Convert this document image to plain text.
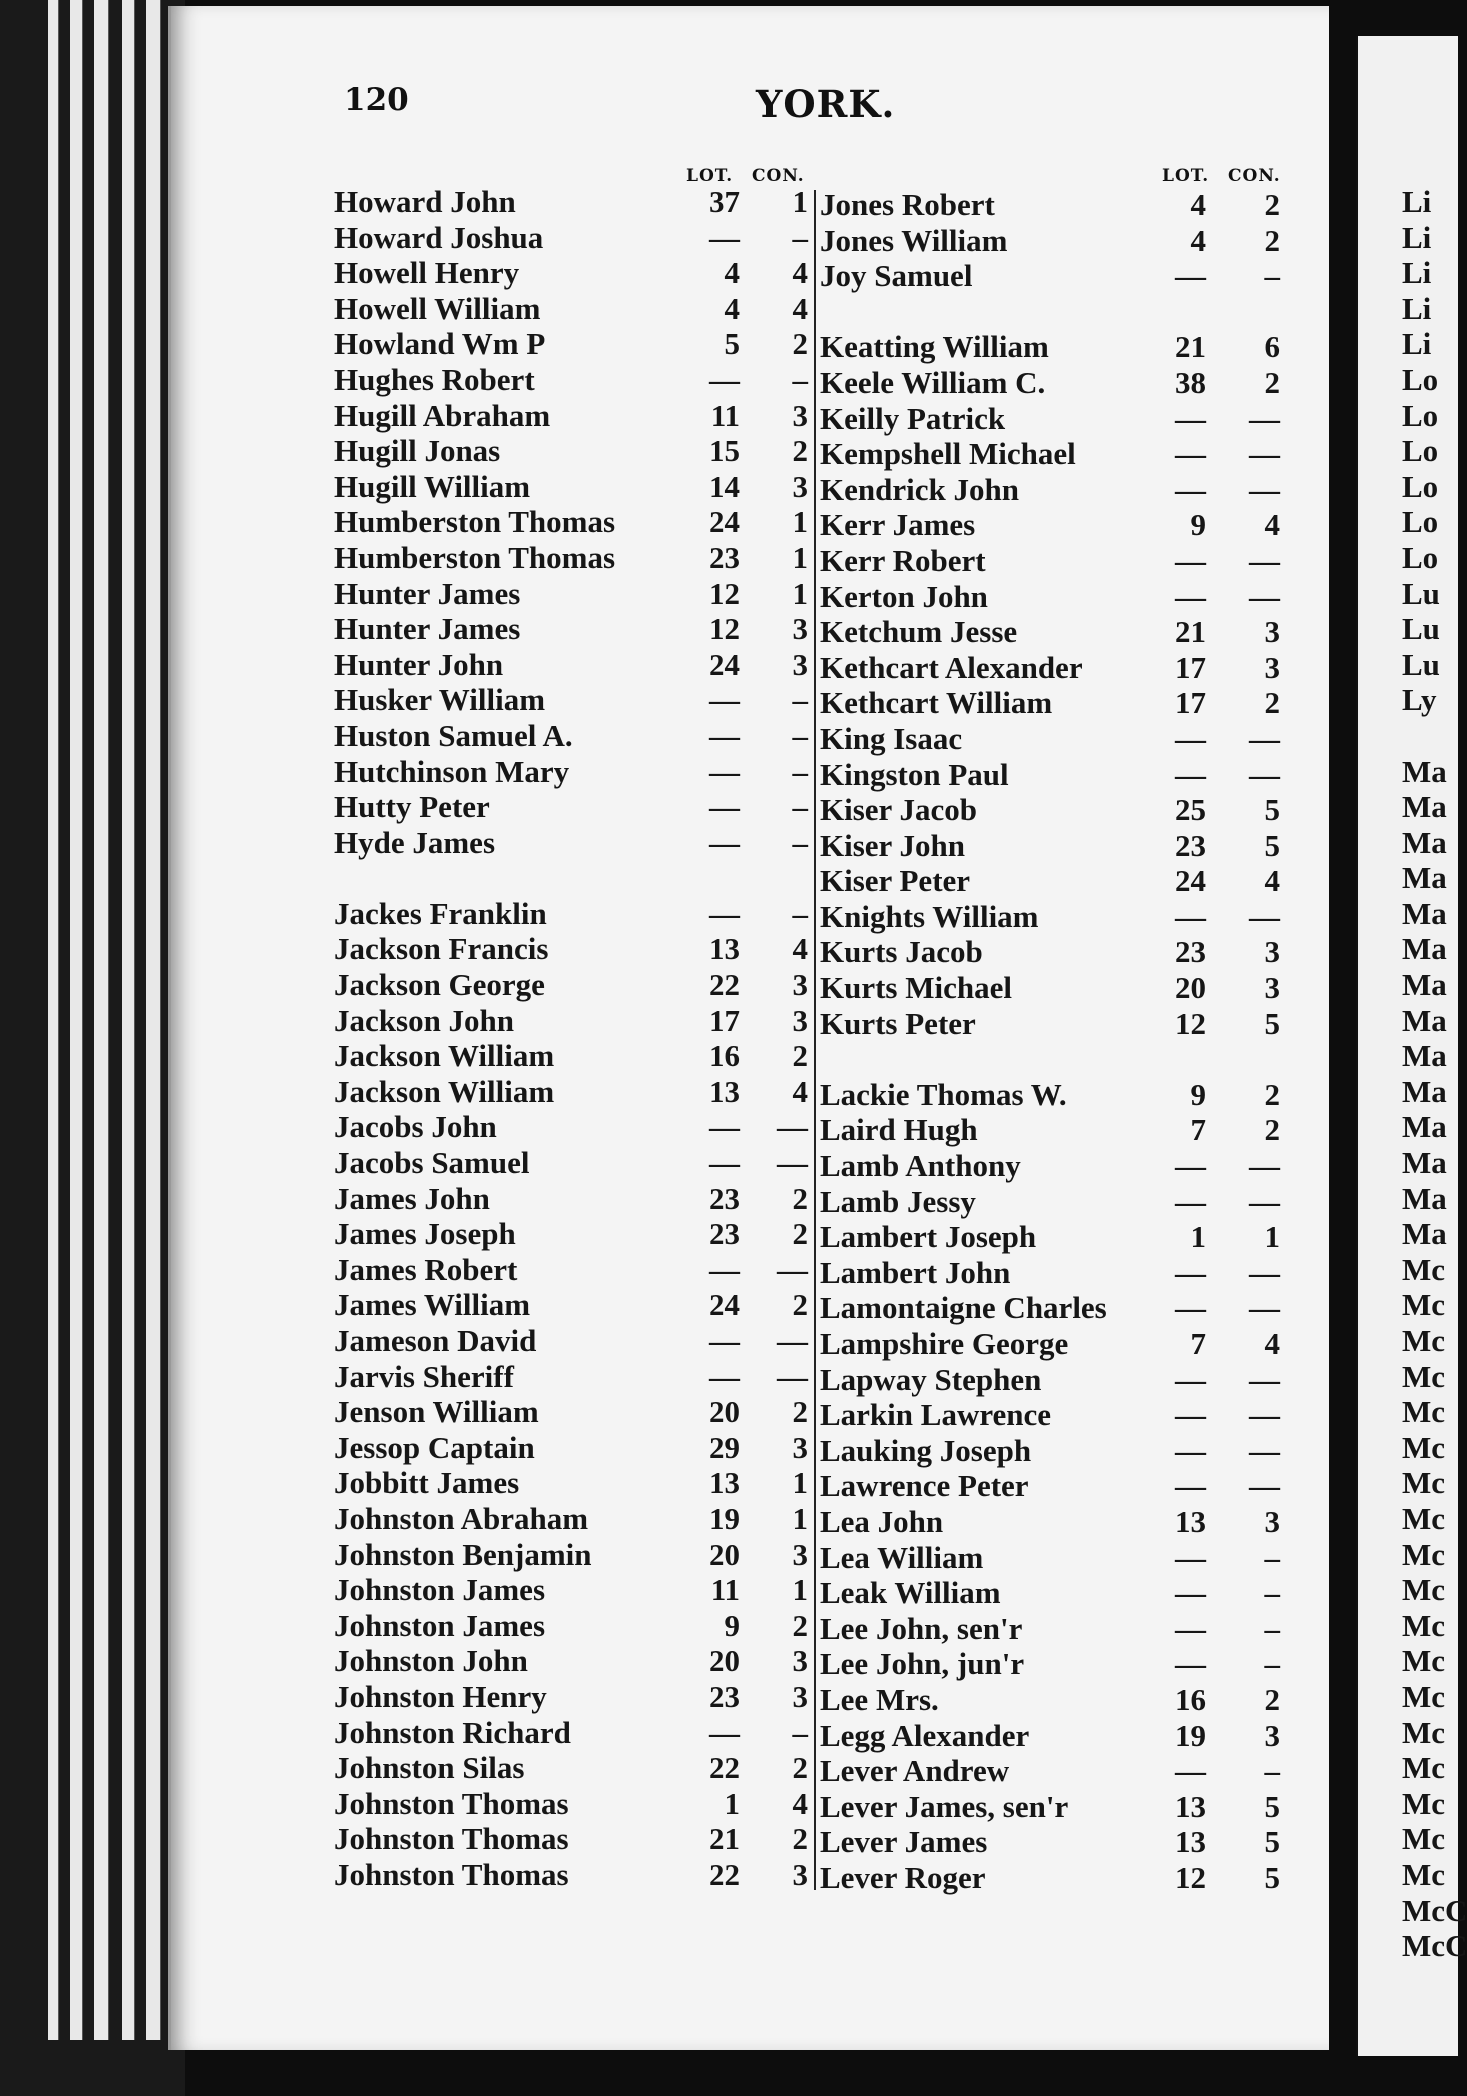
120	YORK.
LOT. CON.	LOT. CON.
Howard John	37 1
Howard Joshua	— –
Howell Henry	4 4
Howell William	4 4
Howland Wm P	5 2
Hughes Robert	— –
Hugill Abraham	11 3
Hugill Jonas	15 2
Hugill William	14 3
Humberston Thomas	24 1
Humberston Thomas	23 1
Hunter James	12 1
Hunter James	12 3
Hunter John	24 3
Husker William	— –
Huston Samuel A.	— –
Hutchinson Mary	— –
Hutty Peter	— –
Hyde James	— –
Jackes Franklin	— –
Jackson Francis	13 4
Jackson George	22 3
Jackson John	17 3
Jackson William	16 2
Jackson William	13 4
Jacobs John	— —
Jacobs Samuel	— —
James John	23 2
James Joseph	23 2
James Robert	— —
James William	24 2
Jameson David	— —
Jarvis Sheriff	— —
Jenson William	20 2
Jessop Captain	29 3
Jobbitt James	13 1
Johnston Abraham	19 1
Johnston Benjamin	20 3
Johnston James	11 1
Johnston James	9 2
Johnston John	20 3
Johnston Henry	23 3
Johnston Richard	— –
Johnston Silas	22 2
Johnston Thomas	1 4
Johnston Thomas	21 2
Johnston Thomas	22 3
Jones Robert	4 2
Jones William	4 2
Joy Samuel	— –
Keatting William	21 6
Keele William C.	38 2
Keilly Patrick	— —
Kempshell Michael	— —
Kendrick John	— —
Kerr James	9 4
Kerr Robert	— —
Kerton John	— —
Ketchum Jesse	21 3
Kethcart Alexander	17 3
Kethcart William	17 2
King Isaac	— —
Kingston Paul	— —
Kiser Jacob	25 5
Kiser John	23 5
Kiser Peter	24 4
Knights William	— —
Kurts Jacob	23 3
Kurts Michael	20 3
Kurts Peter	12 5
Lackie Thomas W.	9 2
Laird Hugh	7 2
Lamb Anthony	— —
Lamb Jessy	— —
Lambert Joseph	1 1
Lambert John	— —
Lamontaigne Charles — —
Lampshire George	7 4
Lapway Stephen	— —
Larkin Lawrence	— —
Lauking Joseph	— —
Lawrence Peter	— —
Lea John	13 3
Lea William	— –
Leak William	— –
Lee John, sen'r	— –
Lee John, jun'r	— –
Lee Mrs.	16 2
Legg Alexander	19 3
Lever Andrew	— –
Lever James, sen'r	13 5
Lever James	13 5
Lever Roger	12 5
Li
Li
Li
Li
Li
Lo
Lo
Lo
Lo
Lo
Lo
Lu
Lu
Lu
Ly
Ma
Ma
Ma
Ma
Ma
Ma
Ma
Ma
Ma
Ma
Ma
Ma
Ma
Ma
Mc
Mc
Mc
Mc
Mc
Mc
Mc
Mc
Mc
Mc
Mc
Mc
Mc
Mc
Mc
Mc
Mc
Mc
McC
McC
